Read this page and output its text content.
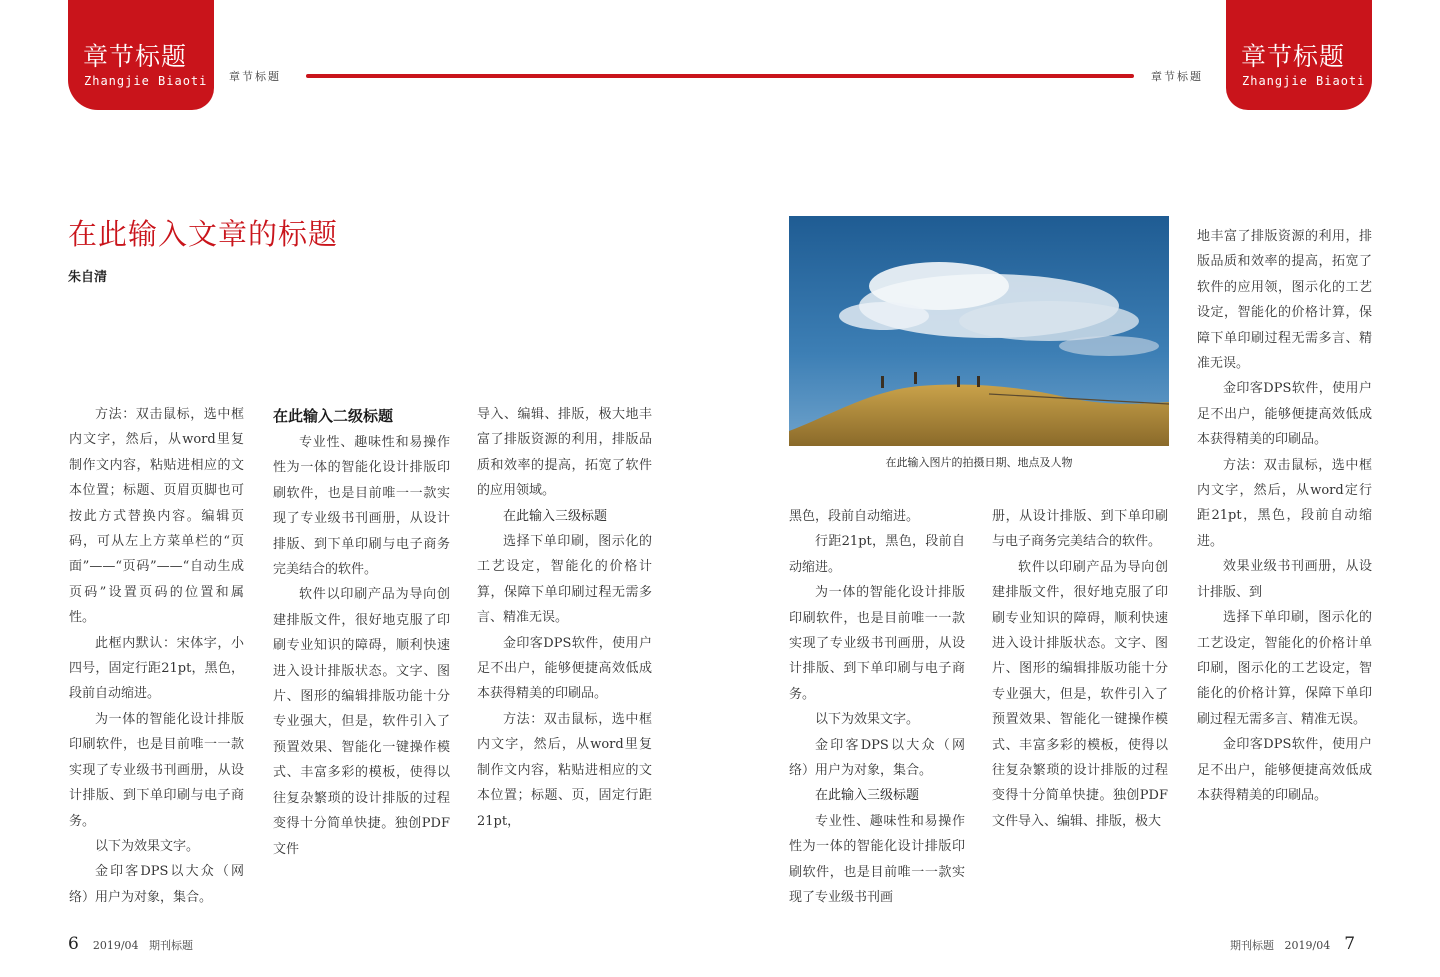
章节标题
Zhangjie Biaoti
章节标题
Zhangjie Biaoti
章节标题	章节标题
在此输入文章的标题
朱自清

方法：双击鼠标，选中框内文字，然后，从word里复制作文内容，粘贴进相应的文本位置；标题、页眉页脚也可按此方式替换内容。编辑页码，可从左上方菜单栏的“页面”——“页码”——“自动生成页码”设置页码的位置和属性。

此框内默认：宋体字，小四号，固定行距21pt，黑色，段前自动缩进。

为一体的智能化设计排版印刷软件，也是目前唯一一款实现了专业级书刊画册，从设计排版、到下单印刷与电子商务。

以下为效果文字。

金印客DPS以大众（网络）用户为对象，集合。

在此输入二级标题

专业性、趣味性和易操作性为一体的智能化设计排版印刷软件，也是目前唯一一款实现了专业级书刊画册，从设计排版、到下单印刷与电子商务完美结合的软件。

软件以印刷产品为导向创建排版文件，很好地克服了印刷专业知识的障碍，顺利快速进入设计排版状态。文字、图片、图形的编辑排版功能十分专业强大，但是，软件引入了预置效果、智能化一键操作模式、丰富多彩的模板，使得以往复杂繁琐的设计排版的过程变得十分简单快捷。独创PDF文件

导入、编辑、排版，极大地丰富了排版资源的利用，排版品质和效率的提高，拓宽了软件的应用领域。

在此输入三级标题

选择下单印刷，图示化的工艺设定，智能化的价格计算，保障下单印刷过程无需多言、精准无误。

金印客DPS软件，使用户足不出户，能够便捷高效低成本获得精美的印刷品。

方法：双击鼠标，选中框内文字，然后，从word里复制作文内容，粘贴进相应的文本位置；标题、页，固定行距21pt，

在此输入图片的拍摄日期、地点及人物

黑色，段前自动缩进。

行距21pt，黑色，段前自动缩进。

为一体的智能化设计排版印刷软件，也是目前唯一一款实现了专业级书刊画册，从设计排版、到下单印刷与电子商务。

以下为效果文字。

金印客DPS以大众（网络）用户为对象，集合。

在此输入三级标题

专业性、趣味性和易操作性为一体的智能化设计排版印刷软件，也是目前唯一一款实现了专业级书刊画

册，从设计排版、到下单印刷与电子商务完美结合的软件。

软件以印刷产品为导向创建排版文件，很好地克服了印刷专业知识的障碍，顺利快速进入设计排版状态。文字、图片、图形的编辑排版功能十分专业强大，但是，软件引入了预置效果、智能化一键操作模式、丰富多彩的模板，使得以往复杂繁琐的设计排版的过程变得十分简单快捷。独创PDF文件导入、编辑、排版，极大

地丰富了排版资源的利用，排版品质和效率的提高，拓宽了软件的应用领，图示化的工艺设定，智能化的价格计算，保障下单印刷过程无需多言、精准无误。

金印客DPS软件，使用户足不出户，能够便捷高效低成本获得精美的印刷品。

方法：双击鼠标，选中框内文字，然后，从word定行距21pt，黑色，段前自动缩进。

效果业级书刊画册，从设计排版、到

选择下单印刷，图示化的工艺设定，智能化的价格计单印刷，图示化的工艺设定，智能化的价格计算，保障下单印刷过程无需多言、精准无误。

金印客DPS软件，使用户足不出户，能够便捷高效低成本获得精美的印刷品。

6 2019/04 期刊标题	期刊标题 2019/04 7
